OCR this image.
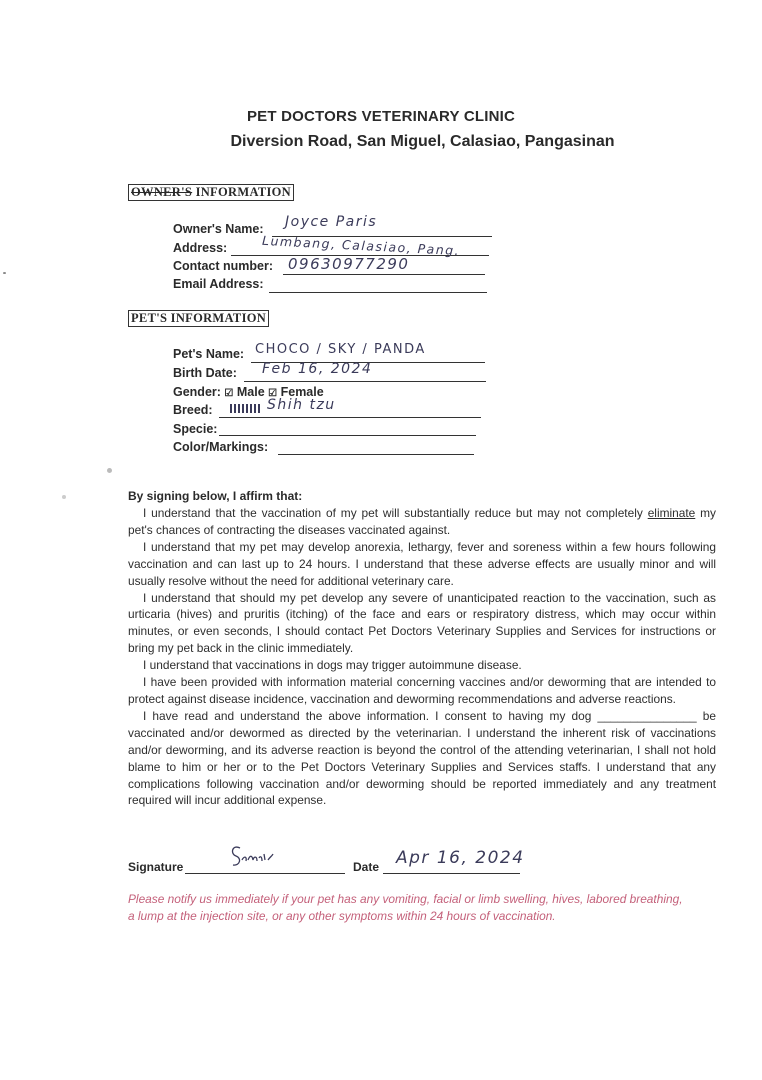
PET DOCTORS VETERINARY CLINIC
Diversion Road, San Miguel, Calasiao, Pangasinan
OWNER'S INFORMATION
Owner's Name: Joyce Paris
Address:	Lumbang, Calasiao, Pang.
Contact number: 09630977290
Email Address:
PET'S INFORMATION
Pet's Name: CHOCO / SKY / PANDA
Birth Date: Feb 16, 2024
Gender: ☑ Male ☑ Female
Breed:	Shih tzu
Specie:
Color/Markings:
By signing below, I affirm that:

I understand that the vaccination of my pet will substantially reduce but may not completely eliminate my pet's chances of contracting the diseases vaccinated against.

I understand that my pet may develop anorexia, lethargy, fever and soreness within a few hours following vaccination and can last up to 24 hours. I understand that these adverse effects are usually minor and will usually resolve without the need for additional veterinary care.

I understand that should my pet develop any severe of unanticipated reaction to the vaccination, such as urticaria (hives) and pruritis (itching) of the face and ears or respiratory distress, which may occur within minutes, or even seconds, I should contact Pet Doctors Veterinary Supplies and Services for instructions or bring my pet back in the clinic immediately.

I understand that vaccinations in dogs may trigger autoimmune disease.

I have been provided with information material concerning vaccines and/or deworming that are intended to protect against disease incidence, vaccination and deworming recommendations and adverse reactions.

I have read and understand the above information. I consent to having my dog _______________ be vaccinated and/or dewormed as directed by the veterinarian. I understand the inherent risk of vaccinations and/or deworming, and its adverse reaction is beyond the control of the attending veterinarian, I shall not hold blame to him or her or to the Pet Doctors Veterinary Supplies and Services staffs. I understand that any complications following vaccination and/or deworming should be reported immediately and any treatment required will incur additional expense.

Signature	Date Apr 16, 2024
Please notify us immediately if your pet has any vomiting, facial or limb swelling, hives, labored breathing, a lump at the injection site, or any other symptoms within 24 hours of vaccination.
